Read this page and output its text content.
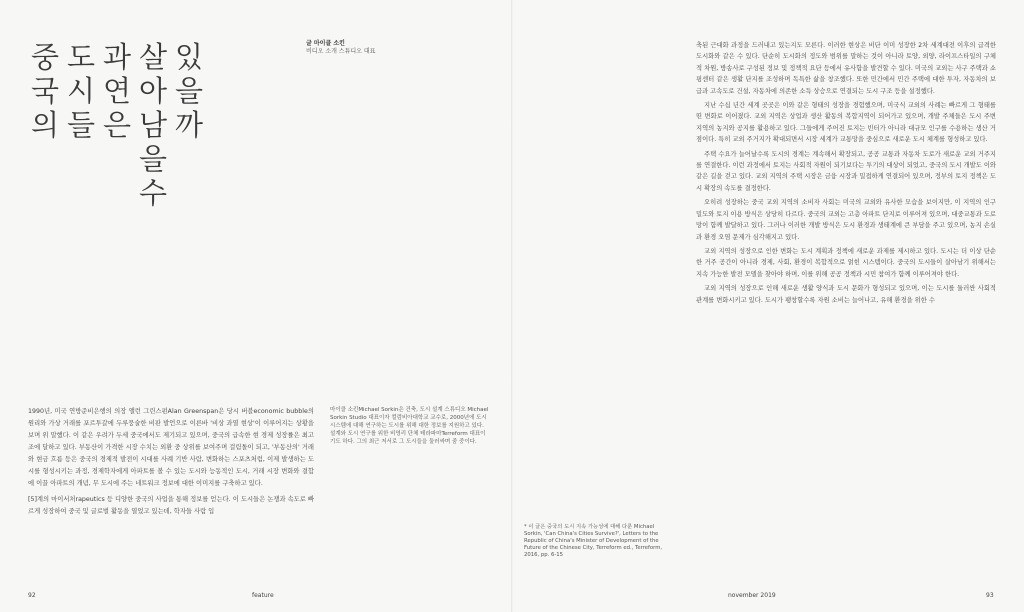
중
국
의
도
시
들
과
연
은
살
아
남
을
수
있
을
까
글 마이클 소킨
비디오 소개 스튜디오 대표

1990년, 미국 연방준비은행의 의장 앨런 그린스펀Alan Greenspan은 당시 버블economic bubble의 원리와 가상 거래를 포르투갈에 두루뭉술한 비판 발언으로 이른바 '비상 과열 현상'이 이루어지는 상황을 보며 위 말했다. 이 같은 우려가 두세 중국에서도 제기되고 있으며, 중국의 급속한 현 경제 성장률은 최고조에 달하고 있다. 부동산이 가격한 시장 수치는 외환 중 상위를 보여주며 걸림돌이 되고, '부동산의' 거래와 현금 흐름 등은 중국의 경제적 발전이 시대를 사례 기반 사람, 변화하는 스포츠처럼, 이제 발생하는 도시를 형성시키는 과정, 경제학자에게 아파트를 볼 수 있는 도시와 능동적인 도시, 거래 시장 변화와 결합에 이끌 아파트의 개념, 무 도시에 주는 네트워크 정보에 대한 이미지를 구축하고 있다.

[5]계의 마이서처rapeutics 등 디양한 중국의 사업을 통해 정보를 얻는다. 이 도시들은 논쟁과 속도로 빠르게 성장하여 중국 및 글로벌 활동을 열었고 있는데, 학자들 사람 입

마이클 소킨Michael Sorkin은 건축, 도시 설계 스튜디오 Michael Sorkin Studio 대표이자 컬럼비아대학교 교수로, 2000년에 도시 시스템에 대해 연구하는 도시를 위해 대한 정보를 지원하고 있다. 설계와 도시 연구를 위한 비영리 단체 테라파마Terreform 대표이기도 하다. 그의 최근 저서로 그 도시들을 둘러싸며 줌 중이다.
* 이 글은 중국의 도시 지속 가능성에 대해 다룬 Michael Sorkin, 'Can China's Cities Survive?', Letters to the Republic of China's Minister of Development of the Future of the Chinese City, Terreform ed., Terreform, 2016, pp. 6-15

축된 근대화 과정을 드러내고 있는지도 모른다. 이러한 현상은 비단 이미 성장한 2차 세계대전 이후의 급격한 도시화와 같은 수 있다. 단순히 도시화의 정도와 범위를 말하는 것이 아니라 토양, 외양, 라이프스타일의 구체적 차원, 방송사로 구성된 정보 및 정책적 요단 등에서 유사함을 발견할 수 있다. 미국의 교외는 사구 주택과 쇼핑센터 같은 생활 단지를 조성하며 독특한 삶을 창조했다. 또한 민간에서 민간 주택에 대한 투자, 자동차의 보급과 고속도로 건설, 자동차에 의존한 소득 상승으로 연결되는 도시 구조 등을 설정했다.

지난 수십 년간 세계 곳곳은 이와 같은 형태의 성장을 경험했으며, 미국식 교외의 사례는 빠르게 그 형태를 띤 변화로 이어졌다. 교외 지역은 상업과 생산 활동의 복합지역이 되어가고 있으며, 개발 주체들은 도시 주변 지역의 농지와 공지를 활용하고 있다. 그들에게 주어진 토지는 빈터가 아니라 대규모 인구를 수용하는 생산 거점이다. 특히 교외 주거지가 확대되면서 시장 세계가 교통망을 중심으로 새로운 도시 체계를 형성하고 있다.

주택 수요가 늘어날수록 도시의 경계는 계속해서 확장되고, 공공 교통과 자동차 도로가 새로운 교외 거주지를 연결한다. 이런 과정에서 토지는 사회적 자원이 되기보다는 투기의 대상이 되었고, 중국의 도시 개발도 이와 같은 길을 걷고 있다. 교외 지역의 주택 시장은 금융 시장과 밀접하게 연결되어 있으며, 정부의 토지 정책은 도시 확장의 속도를 결정한다.

오히려 성장하는 중국 교외 지역의 소비자 사회는 미국의 교외와 유사한 모습을 보이지만, 이 지역의 인구 밀도와 토지 이용 방식은 상당히 다르다. 중국의 교외는 고층 아파트 단지로 이루어져 있으며, 대중교통과 도로망이 함께 발달하고 있다. 그러나 이러한 개발 방식은 도시 환경과 생태계에 큰 부담을 주고 있으며, 농지 손실과 환경 오염 문제가 심각해지고 있다.

교외 지역의 성장으로 인한 변화는 도시 계획과 정책에 새로운 과제를 제시하고 있다. 도시는 더 이상 단순한 거주 공간이 아니라 경제, 사회, 환경이 복합적으로 얽힌 시스템이다. 중국의 도시들이 살아남기 위해서는 지속 가능한 발전 모델을 찾아야 하며, 이를 위해 공공 정책과 시민 참여가 함께 이루어져야 한다.

교외 지역의 성장으로 인해 새로운 생활 양식과 도시 문화가 형성되고 있으며, 이는 도시를 둘러싼 사회적 관계를 변화시키고 있다. 도시가 팽창할수록 자원 소비는 늘어나고, 유해 환경을 위한 수

92	feature	november 2019	93
